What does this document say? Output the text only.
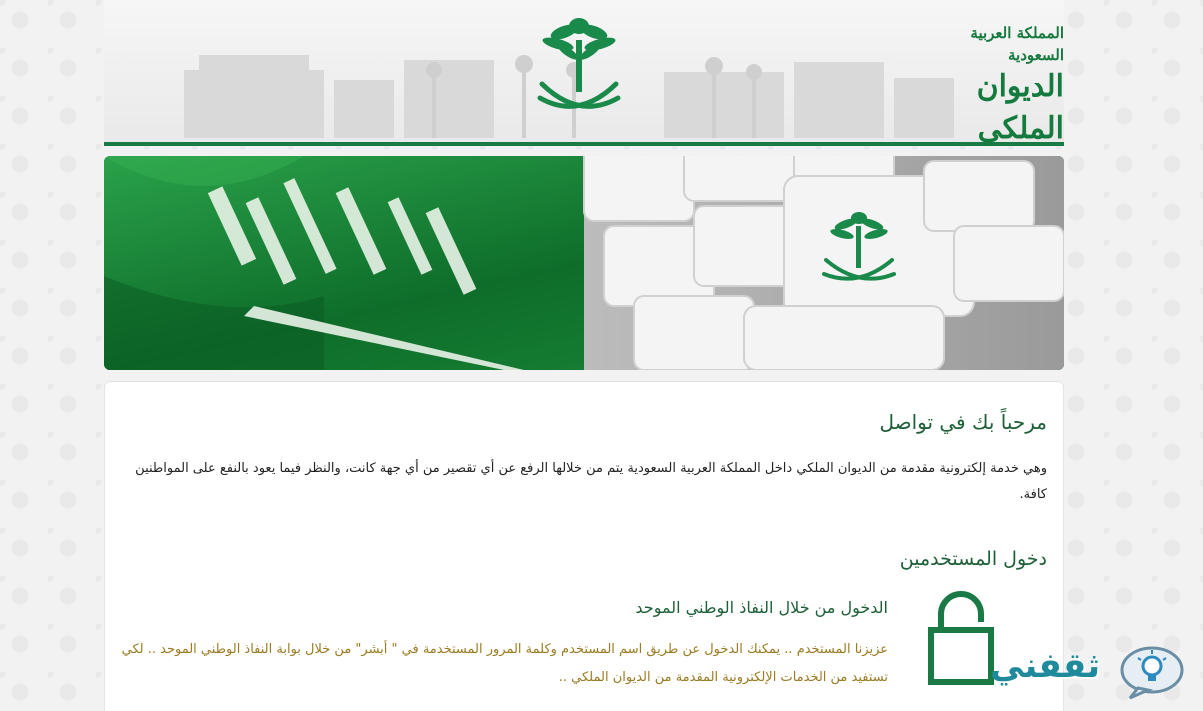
المملكة العربية السعودية
الديوان الملكي
مرحباً بك في تواصل
وهي خدمة إلكترونية مقدمة من الديوان الملكي داخل المملكة العربية السعودية يتم من خلالها الرفع عن أي تقصير من أي جهة كانت، والنظر فيما يعود بالنفع على المواطنين كافة.
دخول المستخدمين
الدخول من خلال النفاذ الوطني الموحد
عزيزنا المستخدم .. يمكنك الدخول عن طريق اسم المستخدم وكلمة المرور المستخدمة في " أبشر" من خلال بوابة النفاذ الوطني الموحد .. لكي تستفيد من الخدمات الإلكترونية المقدمة من الديوان الملكي ..	ثقفني
